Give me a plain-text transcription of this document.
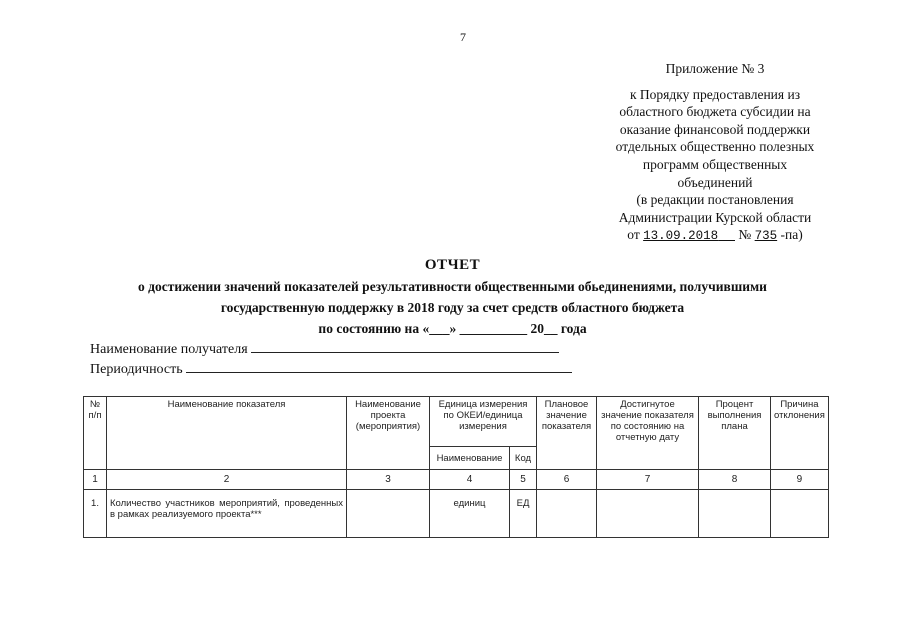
7
Приложение № 3
к Порядку предоставления из
областного бюджета субсидии на
оказание финансовой поддержки
отдельных общественно полезных
программ общественных
объединений
(в редакции постановления
Администрации Курской области
от 13.09.2018 № 735 -па)
ОТЧЕТ
о достижении значений показателей результативности общественными обьединениями, получившими
государственную поддержку в 2018 году за счет средств областного бюджета
по состоянию на «___» __________ 20__ года
Наименование получателя
Периодичность
№ п/п	Наименование показателя	Наименование проекта (мероприятия)	Единица измерения по ОКЕИ/единица измерения		Плановое значение показателя	Достигнутое значение показателя по состоянию на отчетную дату	Процент выполнения плана	Причина отклонения
			Наименование	Код				
1	2	3	4	5	6	7	8	9
1.	Количество участников мероприятий, проведенных в рамках реализуемого проекта***		единиц	ЕД				
